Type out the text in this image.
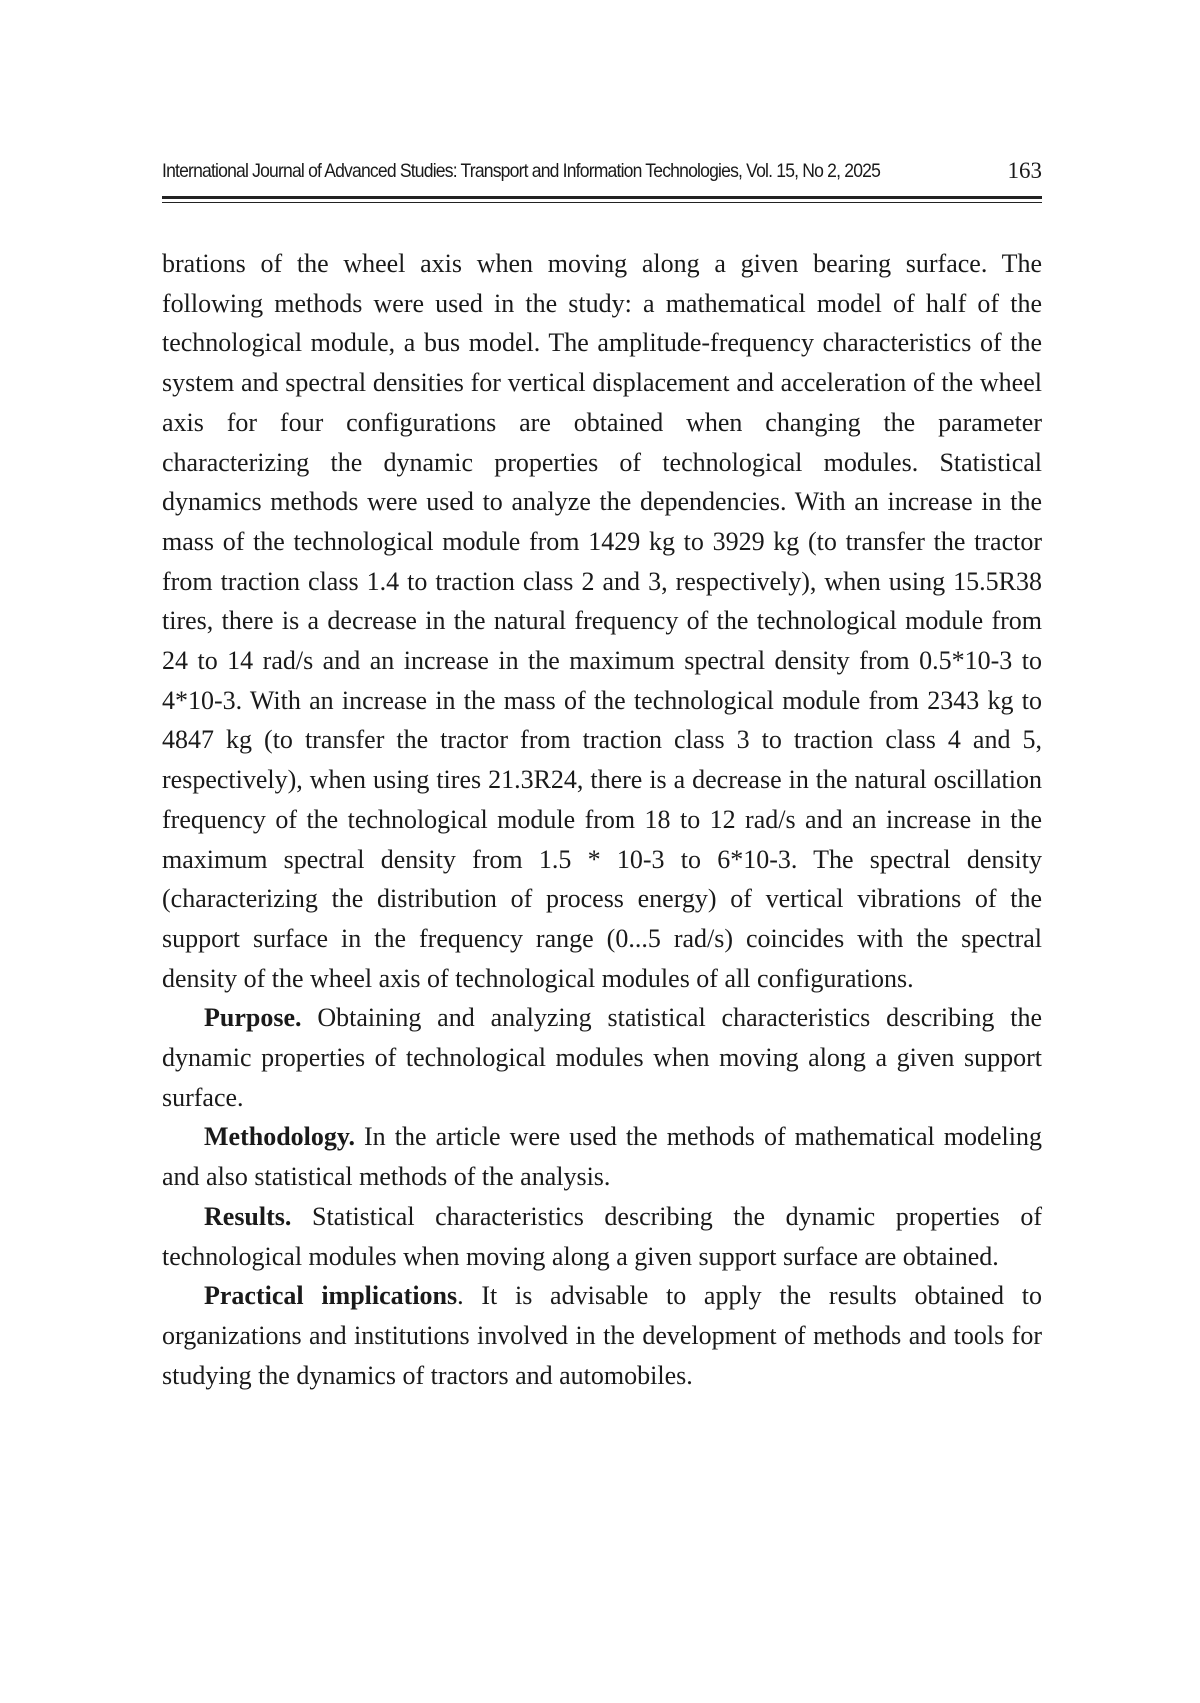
International Journal of Advanced Studies: Transport and Information Technologies, Vol. 15, No 2, 2025	163

brations of the wheel axis when moving along a given bearing surface. The following methods were used in the study: a mathematical model of half of the technological module, a bus model. The amplitude-frequency characteristics of the system and spectral densities for vertical displacement and acceleration of the wheel axis for four configurations are obtained when changing the parameter characterizing the dynamic properties of technological modules. Statistical dynamics methods were used to analyze the dependencies. With an increase in the mass of the technological module from 1429 kg to 3929 kg (to transfer the tractor from traction class 1.4 to traction class 2 and 3, respectively), when using 15.5R38 tires, there is a decrease in the natural frequency of the technological module from 24 to 14 rad/s and an increase in the maximum spectral density from 0.5*10-3 to 4*10-3. With an increase in the mass of the technological module from 2343 kg to 4847 kg (to transfer the tractor from traction class 3 to traction class 4 and 5, respectively), when using tires 21.3R24, there is a decrease in the natural oscillation frequency of the technological module from 18 to 12 rad/s and an increase in the maximum spectral density from 1.5 * 10-3 to 6*10-3. The spectral density (characterizing the distribution of process energy) of vertical vibrations of the support surface in the frequency range (0...5 rad/s) coincides with the spectral density of the wheel axis of technological modules of all configurations.

Purpose. Obtaining and analyzing statistical characteristics describing the dynamic properties of technological modules when moving along a given support surface.

Methodology. In the article were used the methods of mathematical modeling and also statistical methods of the analysis.

Results. Statistical characteristics describing the dynamic properties of technological modules when moving along a given support surface are obtained.

Practical implications. It is advisable to apply the results obtained to organizations and institutions involved in the development of methods and tools for studying the dynamics of tractors and automobiles.
